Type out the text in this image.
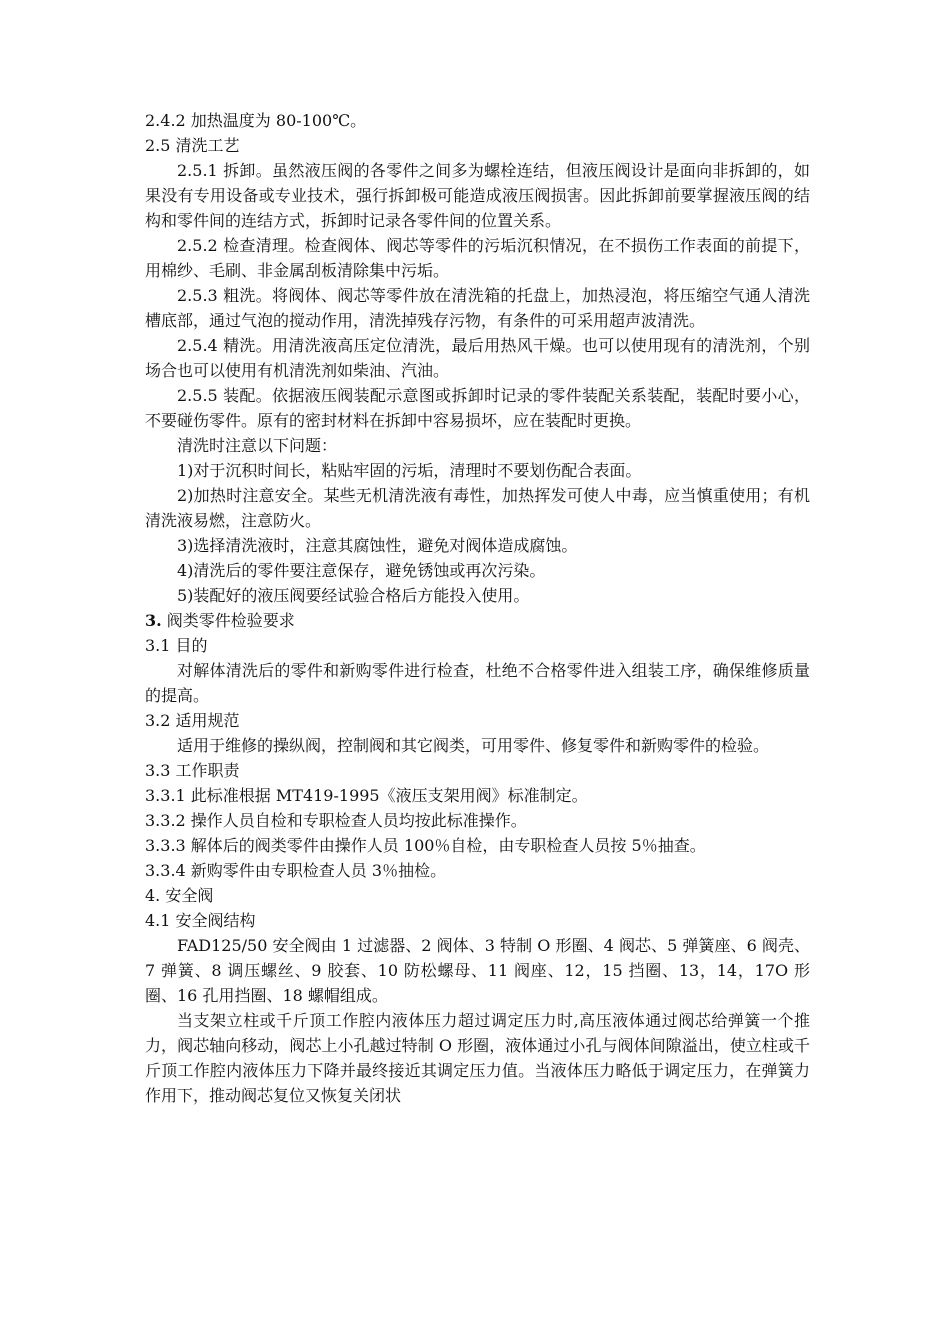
2.4.2 加热温度为 80-100℃。
2.5 清洗工艺
2.5.1 拆卸。虽然液压阀的各零件之间多为螺栓连结，但液压阀设计是面向非拆卸的，如果没有专用设备或专业技术，强行拆卸极可能造成液压阀损害。因此拆卸前要掌握液压阀的结构和零件间的连结方式，拆卸时记录各零件间的位置关系。
2.5.2 检查清理。检查阀体、阀芯等零件的污垢沉积情况，在不损伤工作表面的前提下，用棉纱、毛刷、非金属刮板清除集中污垢。
2.5.3 粗洗。将阀体、阀芯等零件放在清洗箱的托盘上，加热浸泡，将压缩空气通人清洗槽底部，通过气泡的搅动作用，清洗掉残存污物，有条件的可采用超声波清洗。
2.5.4 精洗。用清洗液高压定位清洗，最后用热风干燥。也可以使用现有的清洗剂，个别场合也可以使用有机清洗剂如柴油、汽油。
2.5.5 装配。依据液压阀装配示意图或拆卸时记录的零件装配关系装配，装配时要小心，不要碰伤零件。原有的密封材料在拆卸中容易损坏，应在装配时更换。
清洗时注意以下问题：
1)对于沉积时间长，粘贴牢固的污垢，清理时不要划伤配合表面。
2)加热时注意安全。某些无机清洗液有毒性，加热挥发可使人中毒，应当慎重使用；有机清洗液易燃，注意防火。
3)选择清洗液时，注意其腐蚀性，避免对阀体造成腐蚀。
4)清洗后的零件要注意保存，避免锈蚀或再次污染。
5)装配好的液压阀要经试验合格后方能投入使用。
3. 阀类零件检验要求
3.1 目的
对解体清洗后的零件和新购零件进行检查，杜绝不合格零件进入组装工序，确保维修质量的提高。
3.2 适用规范
适用于维修的操纵阀，控制阀和其它阀类，可用零件、修复零件和新购零件的检验。
3.3 工作职责
3.3.1 此标准根据 MT419-1995《液压支架用阀》标准制定。
3.3.2 操作人员自检和专职检查人员均按此标准操作。
3.3.3 解体后的阀类零件由操作人员 100％自检，由专职检查人员按 5％抽查。
3.3.4 新购零件由专职检查人员 3％抽检。
4. 安全阀
4.1 安全阀结构
FAD125/50 安全阀由 1 过滤器、2 阀体、3 特制 O 形圈、4 阀芯、5 弹簧座、6 阀壳、7 弹簧、8 调压螺丝、9 胶套、10 防松螺母、11 阀座、12，15 挡圈、13，14，17O 形圈、16 孔用挡圈、18 螺帽组成。
当支架立柱或千斤顶工作腔内液体压力超过调定压力时,高压液体通过阀芯给弹簧一个推力，阀芯轴向移动，阀芯上小孔越过特制 O 形圈，液体通过小孔与阀体间隙溢出，使立柱或千斤顶工作腔内液体压力下降并最终接近其调定压力值。当液体压力略低于调定压力，在弹簧力作用下，推动阀芯复位又恢复关闭状
